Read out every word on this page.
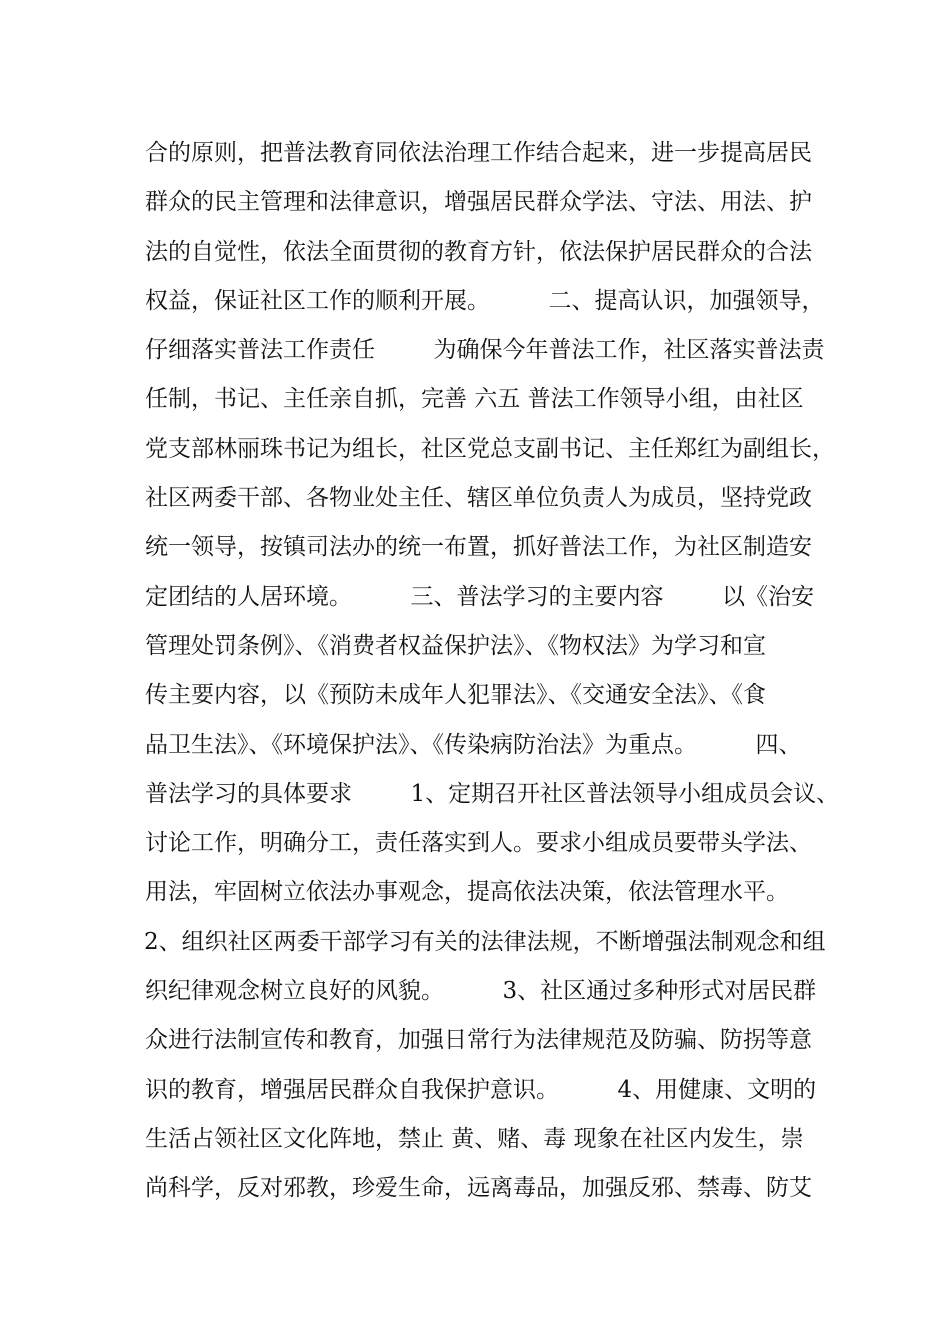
合的原则，把普法教育同依法治理工作结合起来，进一步提高居民
群众的民主管理和法律意识，增强居民群众学法、守法、用法、护
法的自觉性，依法全面贯彻的教育方针，依法保护居民群众的合法
权益，保证社区工作的顺利开展。        二、提高认识，加强领导，
仔细落实普法工作责任        为确保今年普法工作，社区落实普法责
任制，书记、主任亲自抓，完善 六五 普法工作领导小组，由社区
党支部林丽珠书记为组长，社区党总支副书记、主任郑红为副组长，
社区两委干部、各物业处主任、辖区单位负责人为成员，坚持党政
统一领导，按镇司法办的统一布置，抓好普法工作，为社区制造安
定团结的人居环境。        三、普法学习的主要内容        以《治安
管理处罚条例》、《消费者权益保护法》、《物权法》为学习和宣
传主要内容，以《预防未成年人犯罪法》、《交通安全法》、《食
品卫生法》、《环境保护法》、《传染病防治法》为重点。        四、
普法学习的具体要求        1、定期召开社区普法领导小组成员会议、
讨论工作，明确分工，责任落实到人。要求小组成员要带头学法、
用法，牢固树立依法办事观念，提高依法决策，依法管理水平。
2、组织社区两委干部学习有关的法律法规，不断增强法制观念和组
织纪律观念树立良好的风貌。        3、社区通过多种形式对居民群
众进行法制宣传和教育，加强日常行为法律规范及防骗、防拐等意
识的教育，增强居民群众自我保护意识。        4、用健康、文明的
生活占领社区文化阵地，禁止 黄、赌、毒 现象在社区内发生，崇
尚科学，反对邪教，珍爱生命，远离毒品，加强反邪、禁毒、防艾
